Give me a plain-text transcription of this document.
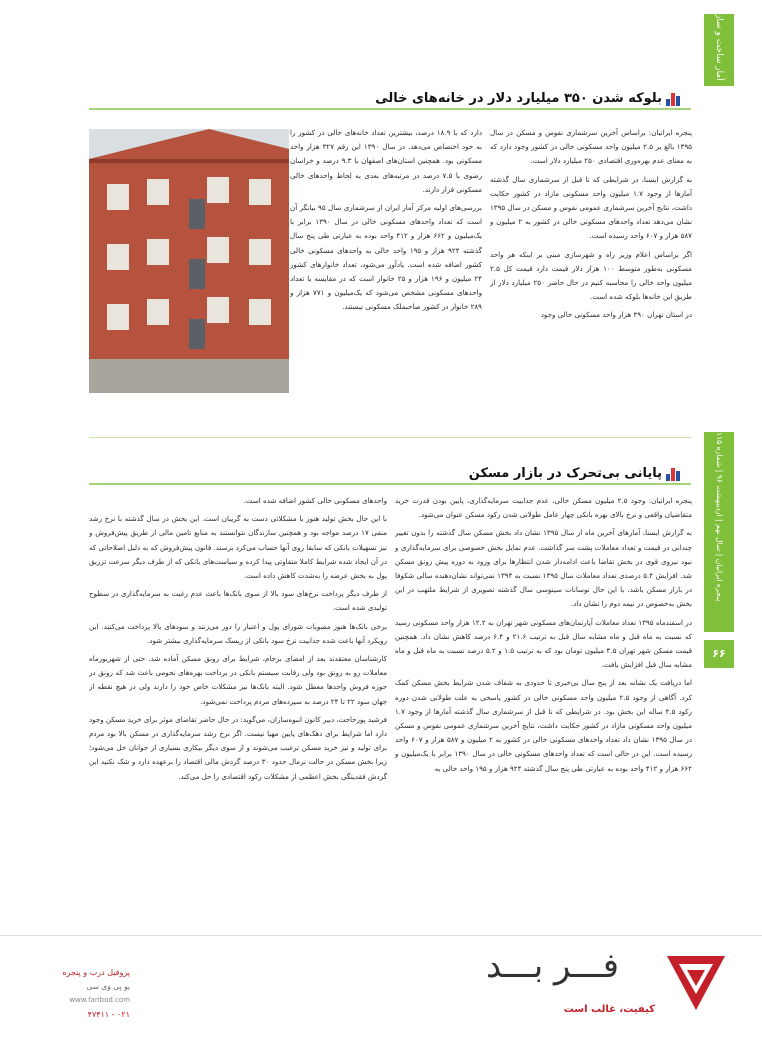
آمار ساخت و ساز
پنجره ایرانیان | سال نهم | اردیبهشت ۹۶ | شماره ۱۱۵
۶۶
بلوکه شدن ۳۵۰ میلیارد دلار در خانه‌های خالی

پنجره ایرانیان: براساس آخرین سرشماری نفوس و مسکن در سال ۱۳۹۵ بالغ بر ۲.۵ میلیون واحد مسکونی خالی در کشور وجود دارد که به معنای عدم بهره‌وری اقتصادی ۲۵۰ میلیارد دلار است.

به گزارش ایسنا، در شرایطی که تا قبل از سرشماری سال گذشته آمارها از وجود ۱.۷ میلیون واحد مسکونی مازاد در کشور حکایت داشت، نتایج آخرین سرشماری عمومی نفوس و مسکن در سال ۱۳۹۵ نشان می‌دهد تعداد واحدهای مسکونی خالی در کشور به ۲ میلیون و ۵۸۷ هزار و ۶۰۷ واحد رسیده است.

اگر براساس اعلام وزیر راه و شهرسازی مبنی بر اینکه هر واحد مسکونی به‌طور متوسط ۱۰۰ هزار دلار قیمت دارد قیمت کل ۲.۵ میلیون واحد خالی را محاسبه کنیم در حال حاضر ۲۵۰ میلیارد دلار از طریق این خانه‌ها بلوکه شده است.

در استان تهران ۴۹۰ هزار واحد مسکونی خالی وجود

دارد که با ۱۸.۹ درصد، بیشترین تعداد خانه‌های خالی در کشور را به خود اختصاص می‌دهد. در سال ۱۳۹۰ این رقم ۳۲۷ هزار واحد مسکونی بود. همچنین استان‌های اصفهان با ۹.۳ درصد و خراسان رضوی با ۷.۵ درصد در مرتبه‌های بعدی به لحاظ واحدهای خالی مسکونی قرار دارند.

بررسی‌های اولیه مرکز آمار ایران از سرشماری سال ۹۵ بیانگر آن است که تعداد واحدهای مسکونی خالی در سال ۱۳۹۰ برابر با یک‌میلیون و ۶۶۲ هزار و ۴۱۲ واحد بوده به عبارتی طی پنج سال گذشته ۹۲۴ هزار و ۱۹۵ واحد خالی به واحدهای مسکونی خالی کشور اضافه شده است. یادآور می‌شود، تعداد خانوارهای کشور ۲۴ میلیون و ۱۹۶ هزار و ۲۵ خانوار است که در مقایسه با تعداد واحدهای مسکونی مشخص می‌شود که یک‌میلیون و ۷۷۱ هزار و ۲۸۹ خانوار در کشور صاحبملک مسکونی نیستند.

پایانی بی‌تحرک در بازار مسکن

پنجره ایرانیان: وجود ۲.۵ میلیون مسکن خالی، عدم جذابیت سرمایه‌گذاری، پایین بودن قدرت خرید متقاضیان واقعی و نرخ بالای بهره بانکی چهار عامل طولانی شدن رکود مسکن عنوان می‌شود.

به گزارش ایسنا، آمارهای آخرین ماه از سال ۱۳۹۵ نشان داد بخش مسکن سال گذشته را بدون تغییر چندانی در قیمت و تعداد معاملات پشت سر گذاشت. عدم تمایل بخش خصوصی برای سرمایه‌گذاری و نبود نیروی قوی در بخش تقاضا باعث ادامه‌دار شدن انتظارها برای ورود به دوره پیش رونق مسکن شد. افزایش ۵.۴ درصدی تعداد معاملات سال ۱۳۹۵ نسبت به ۱۳۹۴ نمی‌تواند نشان‌دهنده سالی شکوفا در بازار مسکن باشد. با این حال نوسانات سینوسی سال گذشته تصویری از شرایط ملتهب در این بخش به‌خصوص در نیمه دوم را نشان داد.

در اسفندماه ۱۳۹۵ تعداد معاملات آپارتمان‌های مسکونی شهر تهران به ۱۲.۲ هزار واحد مسکونی رسید که نسبت به ماه قبل و ماه مشابه سال قبل به ترتیب ۲۱.۶ و ۶.۴ درصد کاهش نشان داد. همچنین قیمت مسکن شهر تهران ۴.۵ میلیون تومان بود که به ترتیب ۱.۵ و ۵.۲ درصد نسبت به ماه قبل و ماه مشابه سال قبل افزایش یافت.

اما دریافت یک نشانه بعد از پنج سال بی‌خبری تا حدودی به شفاف شدن شرایط بخش مسکن کمک کرد. آگاهی از وجود ۲.۵ میلیون واحد مسکونی خالی در کشور پاسخی به علت طولانی شدن دوره رکود ۴.۵ ساله این بخش بود. در شرایطی که تا قبل از سرشماری سال گذشته آمارها از وجود ۱.۷ میلیون واحد مسکونی مازاد در کشور حکایت داشت، نتایج آخرین سرشماری عمومی نفوس و مسکن در سال ۱۳۹۵ نشان داد تعداد واحدهای مسکونی خالی در کشور به ۲ میلیون و ۵۸۷ هزار و ۶۰۷ واحد رسیده است. این در حالی است که تعداد واحدهای مسکونی خالی در سال ۱۳۹۰ برابر با یک‌میلیون و ۶۶۲ هزار و ۴۱۲ واحد بوده به عبارتی طی پنج سال گذشته ۹۲۴ هزار و ۱۹۵ واحد خالی به

واحدهای مسکونی خالی کشور اضافه شده است.

با این حال بخش تولید هنوز با مشکلاتی دست به گریبان است. این بخش در سال گذشته با نرخ رشد منفی ۱۷ درصد مواجه بود و همچنین سازندگان نتوانستند به منابع تامین مالی از طریق پیش‌فروش و نیز تسهیلات بانکی که سابقا روی آنها حساب می‌کرد برسند. قانون پیش‌فروش که به دلیل اصلاحاتی که در آن ایجاد شده شرایط کاملا متفاوتی پیدا کرده و سیاست‌های بانکی که از طرف دیگر سرعت تزریق پول به بخش عرضه را به‌شدت کاهش داده است.

از طرف دیگر پرداخت نرخ‌های سود بالا از سوی بانک‌ها باعث عدم رغبت به سرمایه‌گذاری در سطوح تولیدی شده است.

برخی بانک‌ها هنوز مصوبات شورای پول و اعتبار را دور می‌زنند و سودهای بالا پرداخت می‌کنند. این رویکرد آنها باعث شده جذابیت نرخ سود بانکی از ریسک سرمایه‌گذاری بیشتر شود.

کارشناسان معتقدند بعد از امضای برجام، شرایط برای رونق مسکن آماده شد. حتی از شهریورماه معاملات رو به رونق بود ولی رقابت سیستم بانکی در پرداخت بهره‌های نجومی باعث شد که رونق در حوزه فروش واحدها معطل شود. البته بانک‌ها نیز مشکلات خاص خود را دارند ولی در هیچ نقطه از جهان سود ۲۲ تا ۲۴ درصد به سپرده‌های مردم پرداخت نمی‌شود.

فرشید پورحاجت، دبیر کانون انبوه‌سازان، می‌گوید: در حال حاضر تقاضای موثر برای خرید مسکن وجود دارد اما شرایط برای دهک‌های پایین مهیا نیست. اگر نرخ رشد سرمایه‌گذاری در مسکن بالا بود مردم برای تولید و نیز خرید مسکن ترغیب می‌شوند و از سوی دیگر بیکاری بسیاری از جوانان حل می‌شود؛ زیرا بخش مسکن در حالت نرمال حدود ۳۰ درصد گردش مالی اقتصاد را برعهده دارد و شک نکنید این گردش فقدینگی بخش اعظمی از مشکلات رکود اقتصادی را حل می‌کند.

فـــر بـــد
کیفیت، غالب است
پروفیل درب و پنجره
یو پی وی سی
www.faribod.com
۰۲۱ - ۴۷۴۱۱
